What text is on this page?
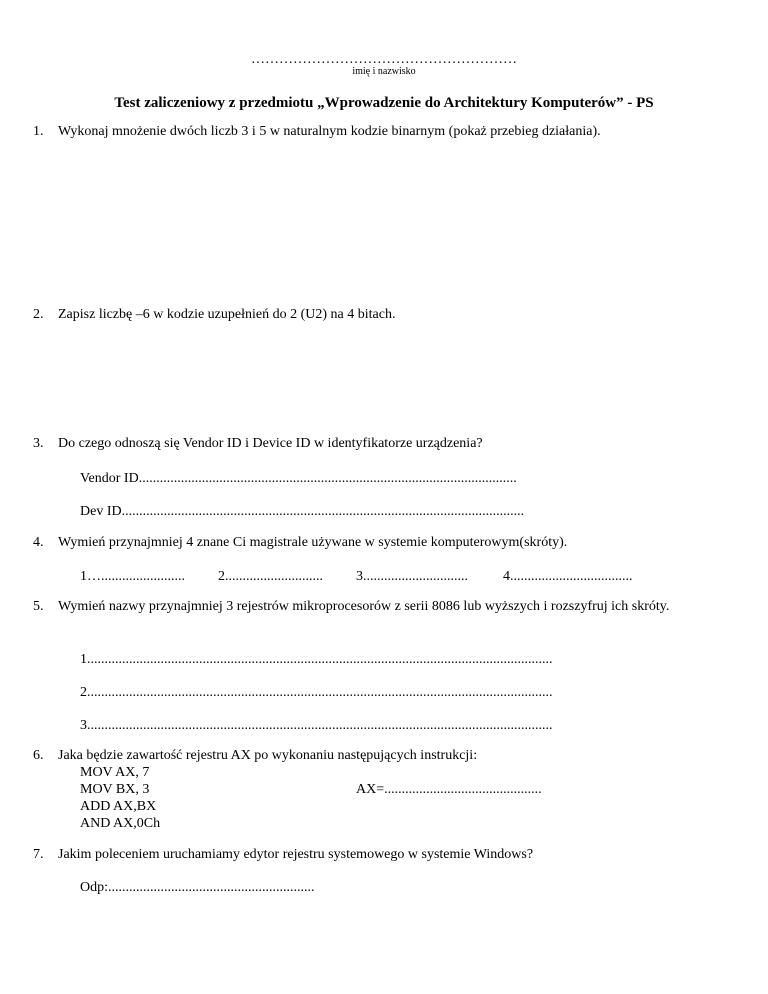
…………………………………………………
imię i nazwisko
Test zaliczeniowy z przedmiotu „Wprowadzenie do Architektury Komputerów” - PS
1. Wykonaj mnożenie dwóch liczb 3 i 5 w naturalnym kodzie binarnym (pokaż przebieg działania).
2. Zapisz liczbę –6 w kodzie uzupełnień do 2 (U2) na 4 bitach.
3. Do czego odnoszą się Vendor ID i Device ID w identyfikatorze urządzenia?
Vendor ID............................................................................................................
Dev ID...................................................................................................................
4. Wymień przynajmniej 4 znane Ci magistrale używane w systemie komputerowym(skróty).
1…........................ 2............................ 3..............................	4...................................
5. Wymień nazwy przynajmniej 3 rejestrów mikroprocesorów z serii 8086 lub wyższych i rozszyfruj ich skróty.
1.....................................................................................................................................
2.....................................................................................................................................
3.....................................................................................................................................
6. Jaka będzie zawartość rejestru AX po wykonaniu następujących instrukcji:
MOV AX, 7
MOV BX, 3	AX=.............................................
ADD AX,BX
AND AX,0Ch
7. Jakim poleceniem uruchamiamy edytor rejestru systemowego w systemie Windows?
Odp:...........................................................
